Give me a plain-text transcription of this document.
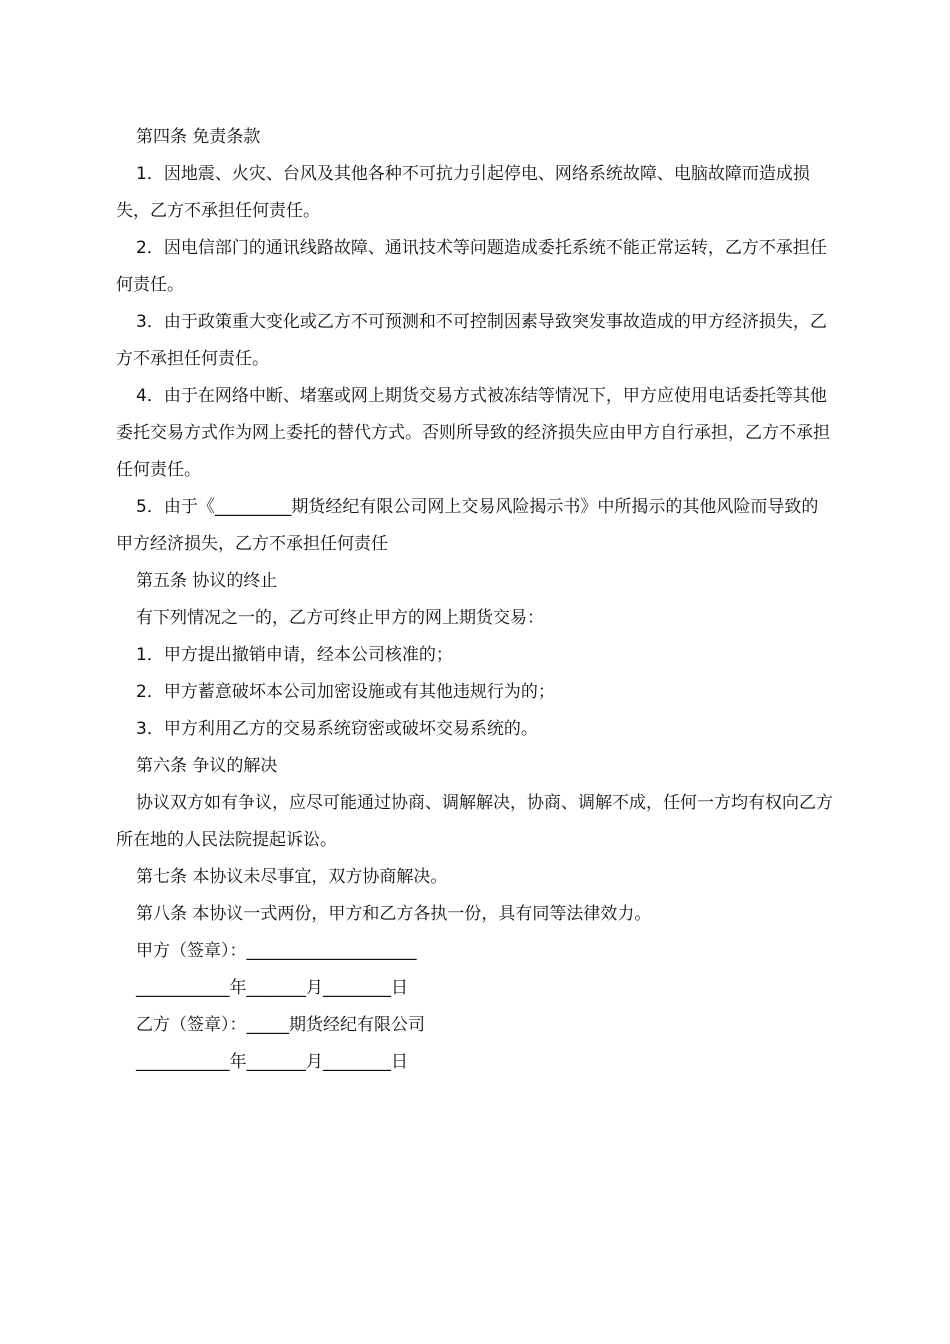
第四条 免责条款

1．因地震、火灾、台风及其他各种不可抗力引起停电、网络系统故障、电脑故障而造成损失，乙方不承担任何责任。

2．因电信部门的通讯线路故障、通讯技术等问题造成委托系统不能正常运转，乙方不承担任何责任。

3．由于政策重大变化或乙方不可预测和不可控制因素导致突发事故造成的甲方经济损失，乙方不承担任何责任。

4．由于在网络中断、堵塞或网上期货交易方式被冻结等情况下，甲方应使用电话委托等其他委托交易方式作为网上委托的替代方式。否则所导致的经济损失应由甲方自行承担，乙方不承担任何责任。

5．由于《_________期货经纪有限公司网上交易风险揭示书》中所揭示的其他风险而导致的甲方经济损失，乙方不承担任何责任

第五条 协议的终止

有下列情况之一的，乙方可终止甲方的网上期货交易：

1．甲方提出撤销申请，经本公司核准的；

2．甲方蓄意破坏本公司加密设施或有其他违规行为的；

3．甲方利用乙方的交易系统窃密或破坏交易系统的。

第六条 争议的解决

协议双方如有争议，应尽可能通过协商、调解解决，协商、调解不成，任何一方均有权向乙方所在地的人民法院提起诉讼。

第七条 本协议未尽事宜，双方协商解决。

第八条 本协议一式两份，甲方和乙方各执一份，具有同等法律效力。

甲方（签章）：____________________

___________年_______月________日

乙方（签章）：_____期货经纪有限公司

___________年_______月________日
